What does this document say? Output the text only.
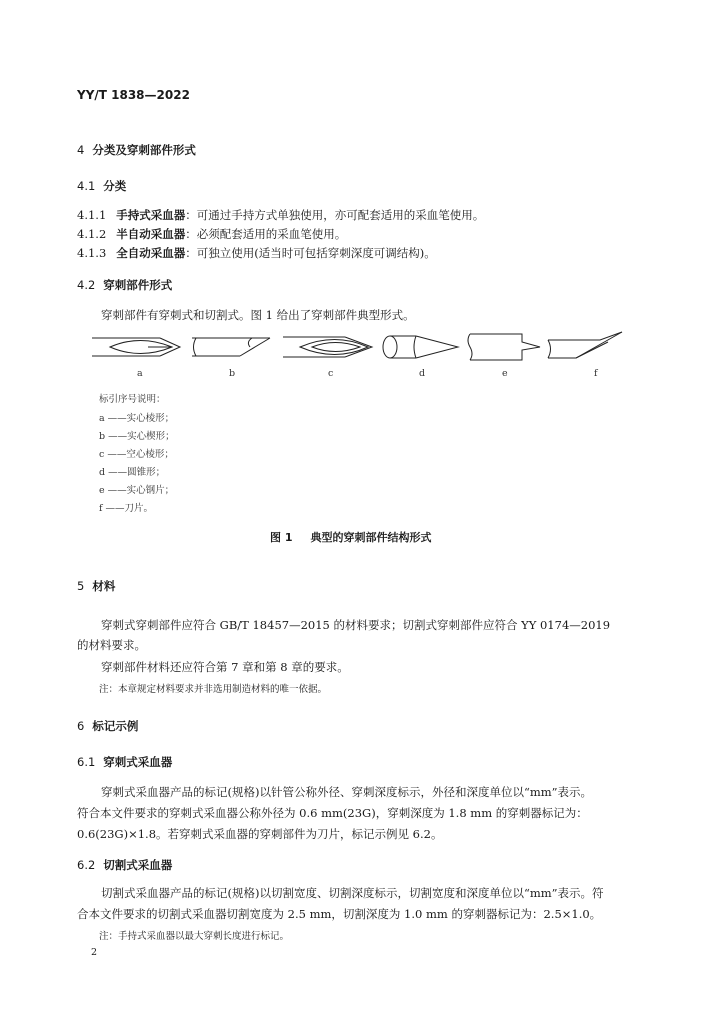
YY/T 1838—2022
4 分类及穿刺部件形式
4.1 分类
4.1.1 手持式采血器：可通过手持方式单独使用，亦可配套适用的采血笔使用。
4.1.2 半自动采血器：必须配套适用的采血笔使用。
4.1.3 全自动采血器：可独立使用(适当时可包括穿刺深度可调结构)。
4.2 穿刺部件形式
穿刺部件有穿刺式和切割式。图 1 给出了穿刺部件典型形式。
a	b	c	d	e	f
标引序号说明：
a ——实心棱形；
b ——实心楔形；
c ——空心棱形；
d ——圆锥形；
e ——实心钢片；
f ——刀片。
图 1 典型的穿刺部件结构形式
5 材料
穿刺式穿刺部件应符合 GB/T 18457—2015 的材料要求；切割式穿刺部件应符合 YY 0174—2019
的材料要求。
穿刺部件材料还应符合第 7 章和第 8 章的要求。
注：本章规定材料要求并非选用制造材料的唯一依据。
6 标记示例
6.1 穿刺式采血器
穿刺式采血器产品的标记(规格)以针管公称外径、穿刺深度标示，外径和深度单位以“mm”表示。
符合本文件要求的穿刺式采血器公称外径为 0.6 mm(23G)，穿刺深度为 1.8 mm 的穿刺器标记为：
0.6(23G)×1.8。若穿刺式采血器的穿刺部件为刀片，标记示例见 6.2。
6.2 切割式采血器
切割式采血器产品的标记(规格)以切割宽度、切割深度标示，切割宽度和深度单位以“mm”表示。符
合本文件要求的切割式采血器切割宽度为 2.5 mm，切割深度为 1.0 mm 的穿刺器标记为：2.5×1.0。
注：手持式采血器以最大穿刺长度进行标记。
2
